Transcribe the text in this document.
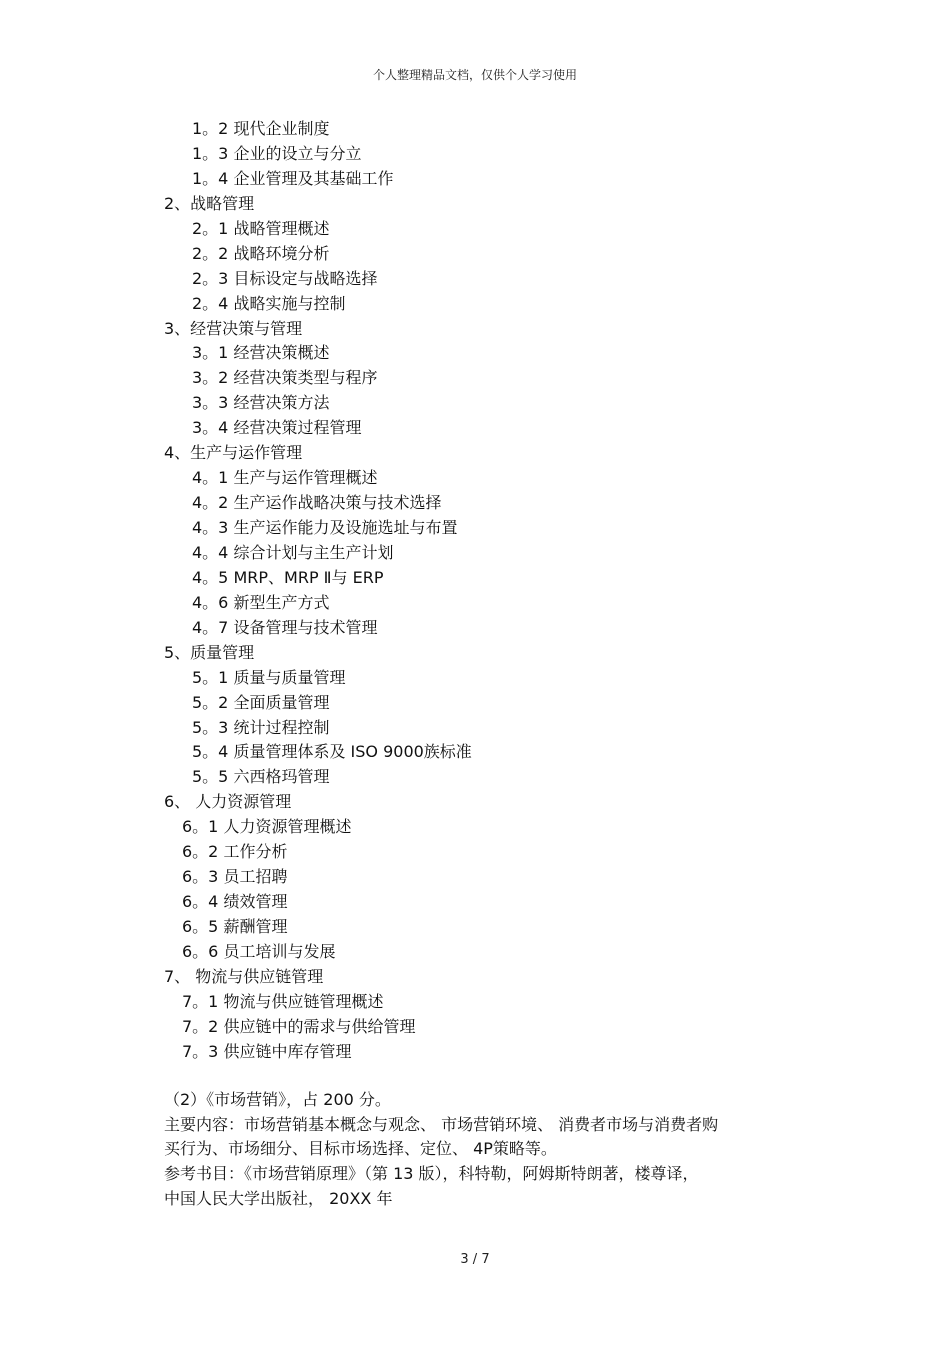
个人整理精品文档，仅供个人学习使用
1。2 现代企业制度
1。3 企业的设立与分立
1。4 企业管理及其基础工作
2、战略管理
2。1 战略管理概述
2。2 战略环境分析
2。3 目标设定与战略选择
2。4 战略实施与控制
3、经营决策与管理
3。1 经营决策概述
3。2 经营决策类型与程序
3。3 经营决策方法
3。4 经营决策过程管理
4、生产与运作管理
4。1 生产与运作管理概述
4。2 生产运作战略决策与技术选择
4。3 生产运作能力及设施选址与布置
4。4 综合计划与主生产计划
4。5 MRP、MRP Ⅱ与 ERP
4。6 新型生产方式
4。7 设备管理与技术管理
5、质量管理
5。1 质量与质量管理
5。2 全面质量管理
5。3 统计过程控制
5。4 质量管理体系及 ISO 9000族标准
5。5 六西格玛管理
6、 人力资源管理
6。1 人力资源管理概述
6。2 工作分析
6。3 员工招聘
6。4 绩效管理
6。5 薪酬管理
6。6 员工培训与发展
7、 物流与供应链管理
7。1 物流与供应链管理概述
7。2 供应链中的需求与供给管理
7。3 供应链中库存管理

（2）《市场营销》，占 200 分。

主要内容：市场营销基本概念与观念、 市场营销环境、 消费者市场与消费者购

买行为、市场细分、目标市场选择、定位、 4P策略等。

参考书目：《市场营销原理》（第 13 版），科特勒，阿姆斯特朗著，楼尊译，

中国人民大学出版社， 20XX 年

3 / 7
